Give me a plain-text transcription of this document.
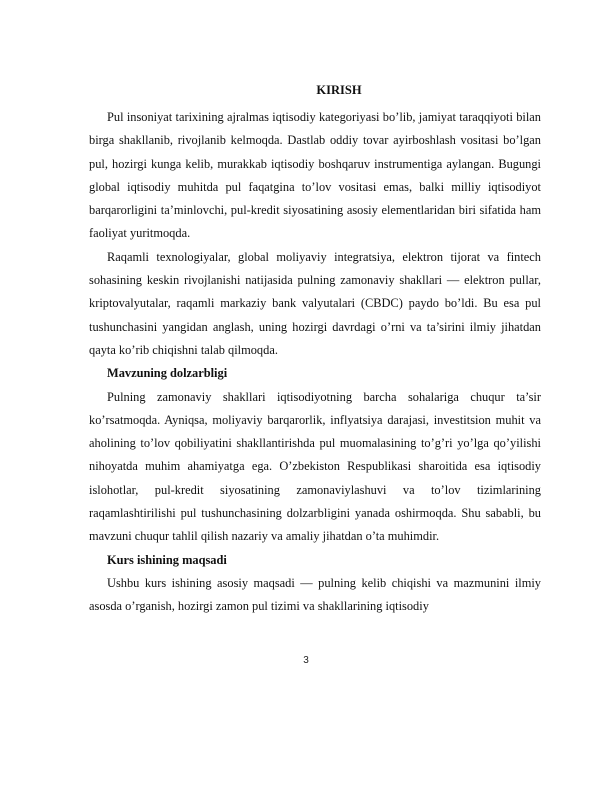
KIRISH

Pul insoniyat tarixining ajralmas iqtisodiy kategoriyasi bo’lib, jamiyat taraqqiyoti bilan birga shakllanib, rivojlanib kelmoqda. Dastlab oddiy tovar ayirboshlash vositasi bo’lgan pul, hozirgi kunga kelib, murakkab iqtisodiy boshqaruv instrumentiga aylangan. Bugungi global iqtisodiy muhitda pul faqatgina to’lov vositasi emas, balki milliy iqtisodiyot barqarorligini ta’minlovchi, pul-kredit siyosatining asosiy elementlaridan biri sifatida ham faoliyat yuritmoqda.

Raqamli texnologiyalar, global moliyaviy integratsiya, elektron tijorat va fintech sohasining keskin rivojlanishi natijasida pulning zamonaviy shakllari — elektron pullar, kriptovalyutalar, raqamli markaziy bank valyutalari (CBDC) paydo bo’ldi. Bu esa pul tushunchasini yangidan anglash, uning hozirgi davrdagi o’rni va ta’sirini ilmiy jihatdan qayta ko’rib chiqishni talab qilmoqda.

Mavzuning dolzarbligi

Pulning zamonaviy shakllari iqtisodiyotning barcha sohalariga chuqur ta’sir ko’rsatmoqda. Ayniqsa, moliyaviy barqarorlik, inflyatsiya darajasi, investitsion muhit va aholining to’lov qobiliyatini shakllantirishda pul muomalasining to’g’ri yo’lga qo’yilishi nihoyatda muhim ahamiyatga ega. O’zbekiston Respublikasi sharoitida esa iqtisodiy islohotlar, pul-kredit siyosatining zamonaviylashuvi va to’lov tizimlarining raqamlashtirilishi pul tushunchasining dolzarbligini yanada oshirmoqda. Shu sababli, bu mavzuni chuqur tahlil qilish nazariy va amaliy jihatdan o’ta muhimdir.

Kurs ishining maqsadi

Ushbu kurs ishining asosiy maqsadi — pulning kelib chiqishi va mazmunini ilmiy asosda o’rganish, hozirgi zamon pul tizimi va shakllarining iqtisodiy

3
